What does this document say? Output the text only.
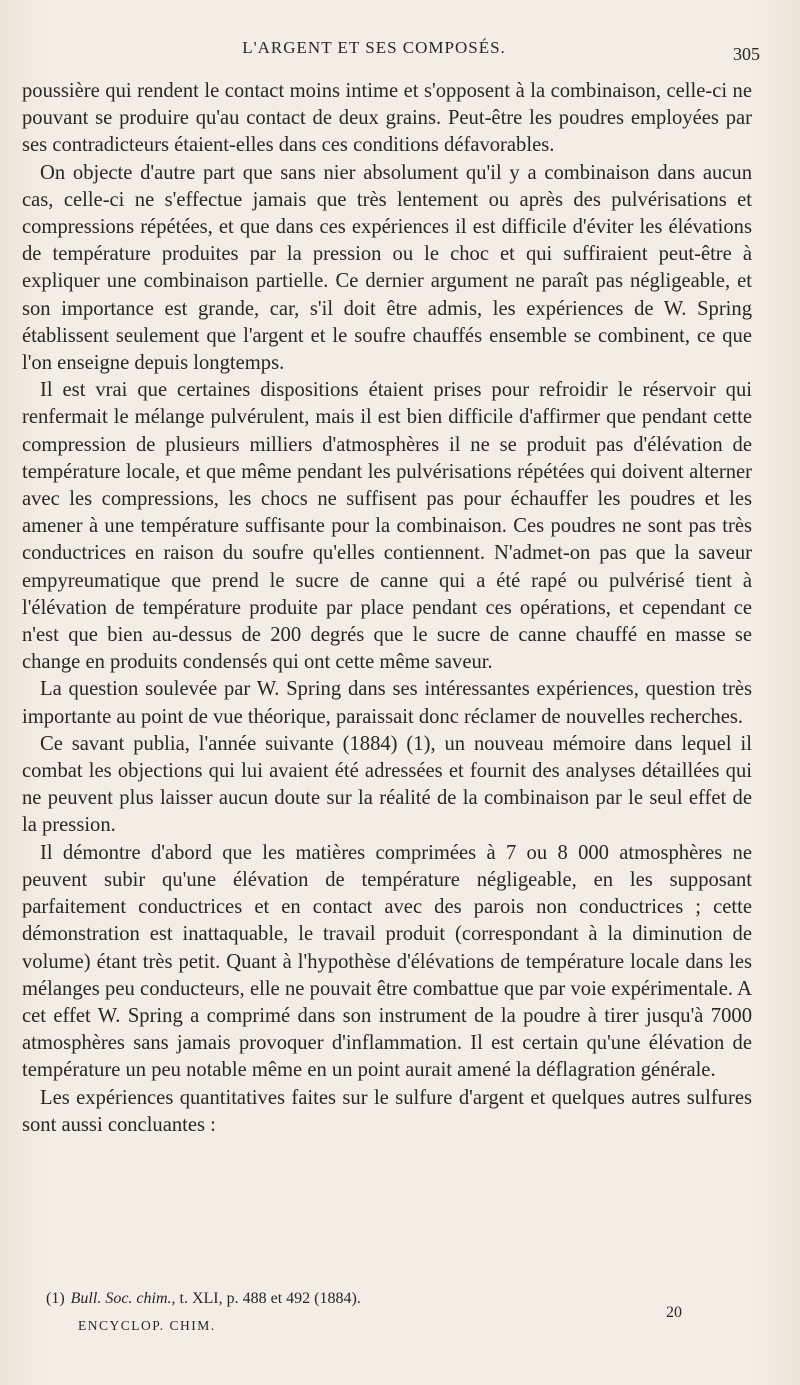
L'ARGENT ET SES COMPOSÉS.	305

poussière qui rendent le contact moins intime et s'opposent à la combinaison, celle-ci ne pouvant se produire qu'au contact de deux grains. Peut-être les poudres employées par ses contradicteurs étaient-elles dans ces conditions défavorables.

On objecte d'autre part que sans nier absolument qu'il y a combinaison dans aucun cas, celle-ci ne s'effectue jamais que très lentement ou après des pulvérisations et compressions répétées, et que dans ces expériences il est difficile d'éviter les élévations de température produites par la pression ou le choc et qui suffiraient peut-être à expliquer une combinaison partielle. Ce dernier argument ne paraît pas négligeable, et son importance est grande, car, s'il doit être admis, les expériences de W. Spring établissent seulement que l'argent et le soufre chauffés ensemble se combinent, ce que l'on enseigne depuis longtemps.

Il est vrai que certaines dispositions étaient prises pour refroidir le réservoir qui renfermait le mélange pulvérulent, mais il est bien difficile d'affirmer que pendant cette compression de plusieurs milliers d'atmosphères il ne se produit pas d'élévation de température locale, et que même pendant les pulvérisations répétées qui doivent alterner avec les compressions, les chocs ne suffisent pas pour échauffer les poudres et les amener à une température suffisante pour la combinaison. Ces poudres ne sont pas très conductrices en raison du soufre qu'elles contiennent. N'admet-on pas que la saveur empyreumatique que prend le sucre de canne qui a été rapé ou pulvérisé tient à l'élévation de température produite par place pendant ces opérations, et cependant ce n'est que bien au-dessus de 200 degrés que le sucre de canne chauffé en masse se change en produits condensés qui ont cette même saveur.

La question soulevée par W. Spring dans ses intéressantes expériences, question très importante au point de vue théorique, paraissait donc réclamer de nouvelles recherches.

Ce savant publia, l'année suivante (1884) (1), un nouveau mémoire dans lequel il combat les objections qui lui avaient été adressées et fournit des analyses détaillées qui ne peuvent plus laisser aucun doute sur la réalité de la combinaison par le seul effet de la pression.

Il démontre d'abord que les matières comprimées à 7 ou 8 000 atmosphères ne peuvent subir qu'une élévation de température négligeable, en les supposant parfaitement conductrices et en contact avec des parois non conductrices ; cette démonstration est inattaquable, le travail produit (correspondant à la diminution de volume) étant très petit. Quant à l'hypothèse d'élévations de température locale dans les mélanges peu conducteurs, elle ne pouvait être combattue que par voie expérimentale. A cet effet W. Spring a comprimé dans son instrument de la poudre à tirer jusqu'à 7000 atmosphères sans jamais provoquer d'inflammation. Il est certain qu'une élévation de température un peu notable même en un point aurait amené la déflagration générale.

Les expériences quantitatives faites sur le sulfure d'argent et quelques autres sulfures sont aussi concluantes :

(1) Bull. Soc. chim., t. XLI, p. 488 et 492 (1884).
ENCYCLOP. CHIM.
20
